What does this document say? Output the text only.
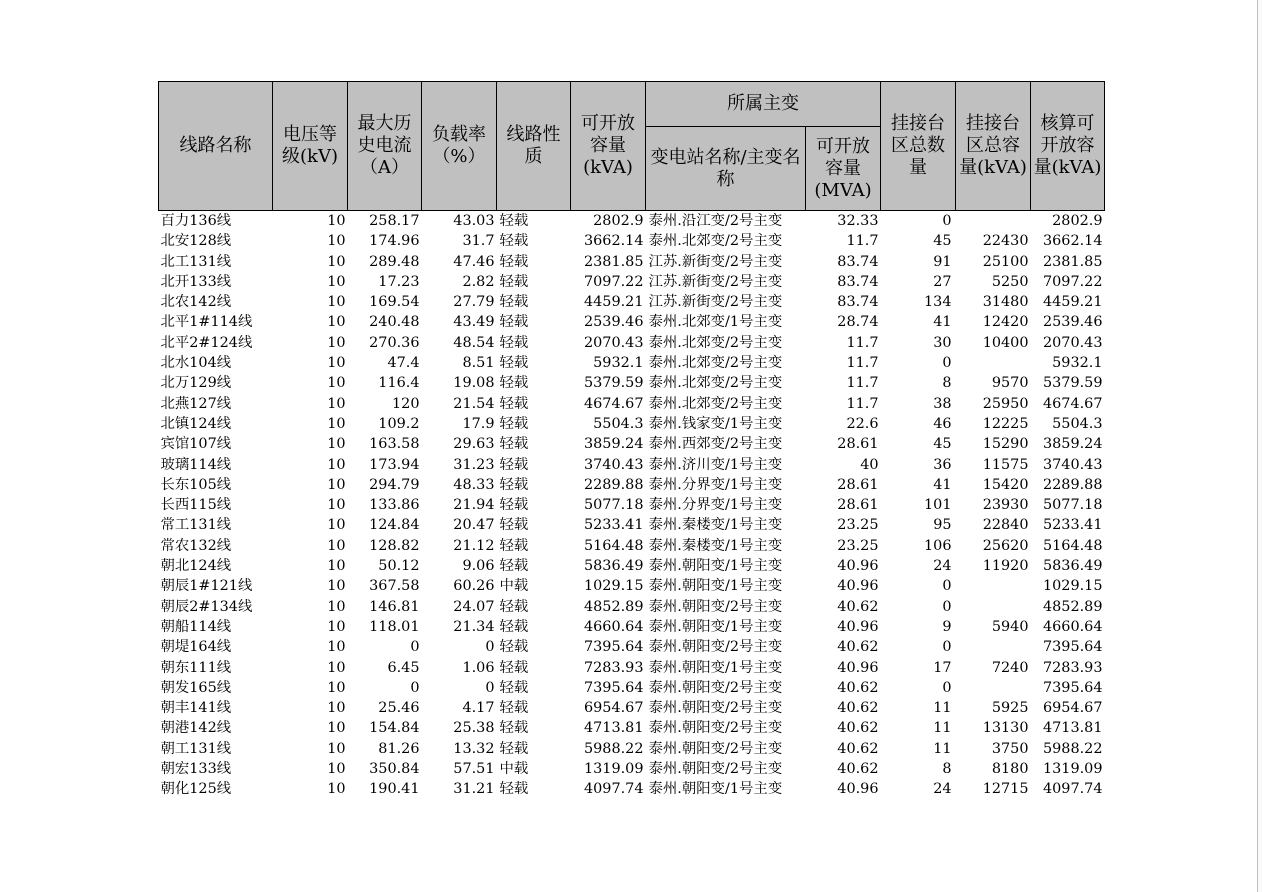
线路名称	电压等级(kV)	最大历史电流（A）	负载率（%）	线路性质	可开放容量(kVA)	所属主变		挂接台区总数量	挂接台区总容量(kVA)	核算可开放容量(kVA)
						变电站名称/主变名称	可开放容量(MVA)			
百力136线	10	258.17	43.03	轻载	2802.9	泰州.沿江变/2号主变	32.33	0		2802.9
北安128线	10	174.96	31.7	轻载	3662.14	泰州.北郊变/2号主变	11.7	45	22430	3662.14
北工131线	10	289.48	47.46	轻载	2381.85	江苏.新街变/2号主变	83.74	91	25100	2381.85
北开133线	10	17.23	2.82	轻载	7097.22	江苏.新街变/2号主变	83.74	27	5250	7097.22
北农142线	10	169.54	27.79	轻载	4459.21	江苏.新街变/2号主变	83.74	134	31480	4459.21
北平1#114线	10	240.48	43.49	轻载	2539.46	泰州.北郊变/1号主变	28.74	41	12420	2539.46
北平2#124线	10	270.36	48.54	轻载	2070.43	泰州.北郊变/2号主变	11.7	30	10400	2070.43
北水104线	10	47.4	8.51	轻载	5932.1	泰州.北郊变/2号主变	11.7	0		5932.1
北万129线	10	116.4	19.08	轻载	5379.59	泰州.北郊变/2号主变	11.7	8	9570	5379.59
北燕127线	10	120	21.54	轻载	4674.67	泰州.北郊变/2号主变	11.7	38	25950	4674.67
北镇124线	10	109.2	17.9	轻载	5504.3	泰州.钱家变/1号主变	22.6	46	12225	5504.3
宾馆107线	10	163.58	29.63	轻载	3859.24	泰州.西郊变/2号主变	28.61	45	15290	3859.24
玻璃114线	10	173.94	31.23	轻载	3740.43	泰州.济川变/1号主变	40	36	11575	3740.43
长东105线	10	294.79	48.33	轻载	2289.88	泰州.分界变/1号主变	28.61	41	15420	2289.88
长西115线	10	133.86	21.94	轻载	5077.18	泰州.分界变/1号主变	28.61	101	23930	5077.18
常工131线	10	124.84	20.47	轻载	5233.41	泰州.秦楼变/1号主变	23.25	95	22840	5233.41
常农132线	10	128.82	21.12	轻载	5164.48	泰州.秦楼变/1号主变	23.25	106	25620	5164.48
朝北124线	10	50.12	9.06	轻载	5836.49	泰州.朝阳变/1号主变	40.96	24	11920	5836.49
朝辰1#121线	10	367.58	60.26	中载	1029.15	泰州.朝阳变/1号主变	40.96	0		1029.15
朝辰2#134线	10	146.81	24.07	轻载	4852.89	泰州.朝阳变/2号主变	40.62	0		4852.89
朝船114线	10	118.01	21.34	轻载	4660.64	泰州.朝阳变/1号主变	40.96	9	5940	4660.64
朝堤164线	10	0	0	轻载	7395.64	泰州.朝阳变/2号主变	40.62	0		7395.64
朝东111线	10	6.45	1.06	轻载	7283.93	泰州.朝阳变/1号主变	40.96	17	7240	7283.93
朝发165线	10	0	0	轻载	7395.64	泰州.朝阳变/2号主变	40.62	0		7395.64
朝丰141线	10	25.46	4.17	轻载	6954.67	泰州.朝阳变/2号主变	40.62	11	5925	6954.67
朝港142线	10	154.84	25.38	轻载	4713.81	泰州.朝阳变/2号主变	40.62	11	13130	4713.81
朝工131线	10	81.26	13.32	轻载	5988.22	泰州.朝阳变/2号主变	40.62	11	3750	5988.22
朝宏133线	10	350.84	57.51	中载	1319.09	泰州.朝阳变/2号主变	40.62	8	8180	1319.09
朝化125线	10	190.41	31.21	轻载	4097.74	泰州.朝阳变/1号主变	40.96	24	12715	4097.74
